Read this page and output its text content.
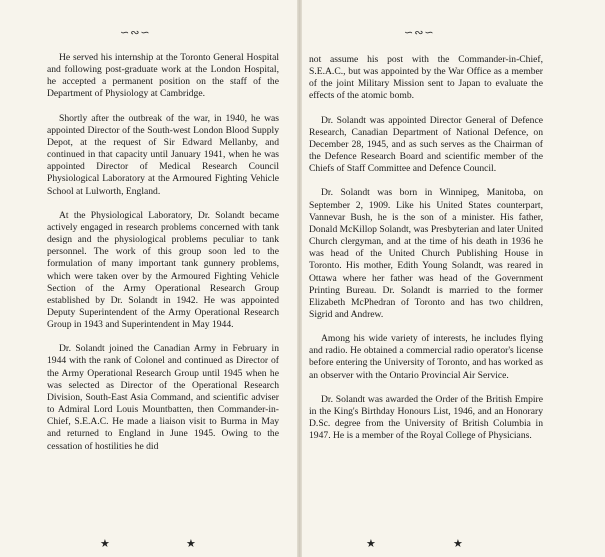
∽∾∽

He served his internship at the Toronto General Hospital and following post-graduate work at the London Hospital, he accepted a permanent position on the staff of the Department of Physiology at Cambridge.

Shortly after the outbreak of the war, in 1940, he was appointed Director of the South-west London Blood Supply Depot, at the request of Sir Edward Mellanby, and continued in that capacity until January 1941, when he was appointed Director of Medical Research Council Physiological Laboratory at the Armoured Fighting Vehicle School at Lulworth, England.

At the Physiological Laboratory, Dr. Solandt became actively engaged in research problems concerned with tank design and the physiological problems peculiar to tank personnel. The work of this group soon led to the formulation of many important tank gunnery problems, which were taken over by the Armoured Fighting Vehicle Section of the Army Operational Research Group established by Dr. Solandt in 1942. He was appointed Deputy Superintendent of the Army Operational Research Group in 1943 and Superintendent in May 1944.

Dr. Solandt joined the Canadian Army in February in 1944 with the rank of Colonel and continued as Director of the Army Operational Research Group until 1945 when he was selected as Director of the Operational Research Division, South-East Asia Command, and scientific adviser to Admiral Lord Louis Mountbatten, then Commander-in-Chief, S.E.A.C. He made a liaison visit to Burma in May and returned to England in June 1945. Owing to the cessation of hostilities he did

∽∾∽

not assume his post with the Commander-in-Chief, S.E.A.C., but was appointed by the War Office as a member of the joint Military Mission sent to Japan to evaluate the effects of the atomic bomb.

Dr. Solandt was appointed Director General of Defence Research, Canadian Department of National Defence, on December 28, 1945, and as such serves as the Chairman of the Defence Research Board and scientific member of the Chiefs of Staff Committee and Defence Council.

Dr. Solandt was born in Winnipeg, Manitoba, on September 2, 1909. Like his United States counterpart, Vannevar Bush, he is the son of a minister. His father, Donald McKillop Solandt, was Presbyterian and later United Church clergyman, and at the time of his death in 1936 he was head of the United Church Publishing House in Toronto. His mother, Edith Young Solandt, was reared in Ottawa where her father was head of the Government Printing Bureau. Dr. Solandt is married to the former Elizabeth McPhedran of Toronto and has two children, Sigrid and Andrew.

Among his wide variety of interests, he includes flying and radio. He obtained a commercial radio operator's license before entering the University of Toronto, and has worked as an observer with the Ontario Provincial Air Service.

Dr. Solandt was awarded the Order of the British Empire in the King's Birthday Honours List, 1946, and an Honorary D.Sc. degree from the University of British Columbia in 1947. He is a member of the Royal College of Physicians.

★	★	★	★
